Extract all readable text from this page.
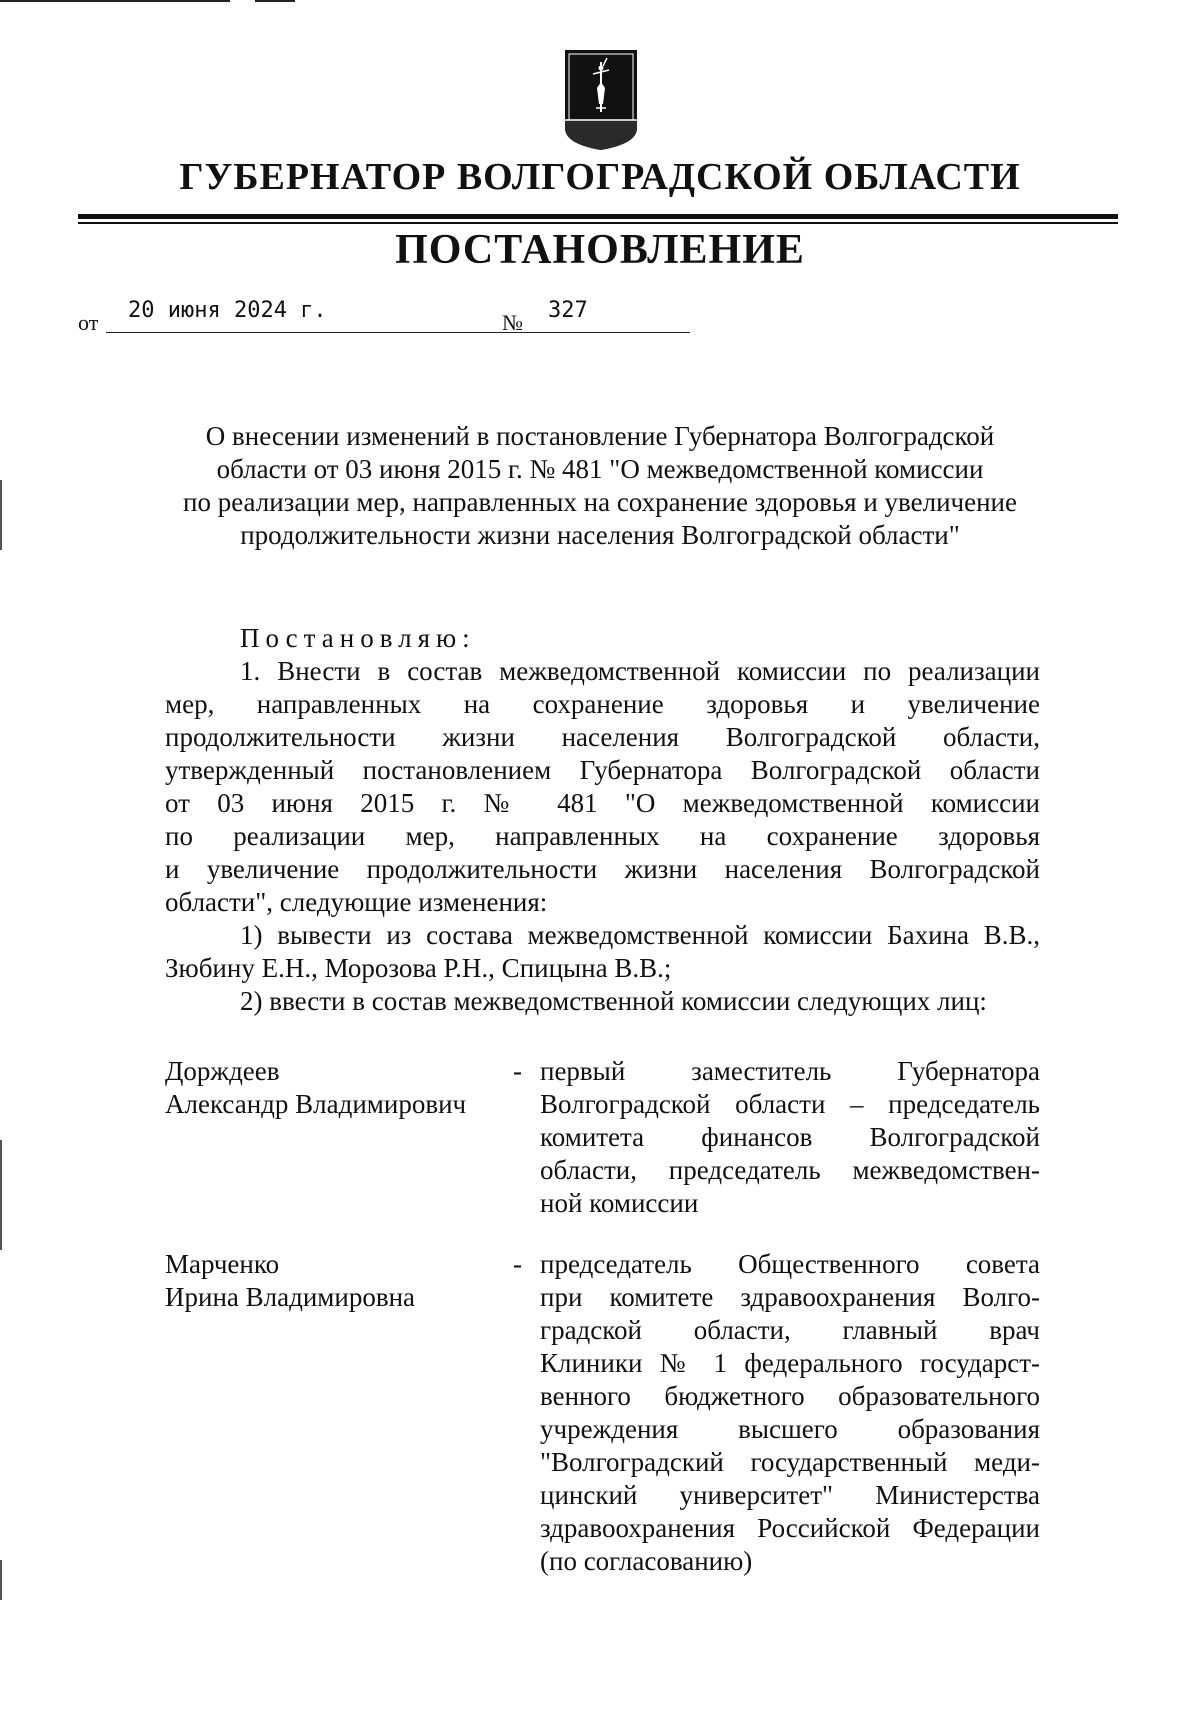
ГУБЕРНАТОР ВОЛГОГРАДСКОЙ ОБЛАСТИ
ПОСТАНОВЛЕНИЕ
от 20 июня 2024 г.	№ 327
О внесении изменений в постановление Губернатора Волгоградской
области от 03 июня 2015 г. № 481 "О межведомственной комиссии
по реализации мер, направленных на сохранение здоровья и увеличение
продолжительности жизни населения Волгоградской области"
Постановляю:
1. Внести в состав межведомственной комиссии по реализации
мер, направленных на сохранение здоровья и увеличение
продолжительности жизни населения Волгоградской области,
утвержденный постановлением Губернатора Волгоградской области
от 03 июня 2015 г. № 481 "О межведомственной комиссии
по реализации мер, направленных на сохранение здоровья
и увеличение продолжительности жизни населения Волгоградской
области", следующие изменения:
1) вывести из состава межведомственной комиссии Бахина В.В.,
Зюбину Е.Н., Морозова Р.Н., Спицына В.В.;
2) ввести в состав межведомственной комиссии следующих лиц:
Дорждеев
Александр Владимирович
- первый заместитель Губернатора
Волгоградской области – председатель
комитета финансов Волгоградской
области, председатель межведомствен-
ной комиссии
Марченко
Ирина Владимировна
- председатель Общественного совета
при комитете здравоохранения Волго-
градской области, главный врач
Клиники № 1 федерального государст-
венного бюджетного образовательного
учреждения высшего образования
"Волгоградский государственный меди-
цинский университет" Министерства
здравоохранения Российской Федерации
(по согласованию)
